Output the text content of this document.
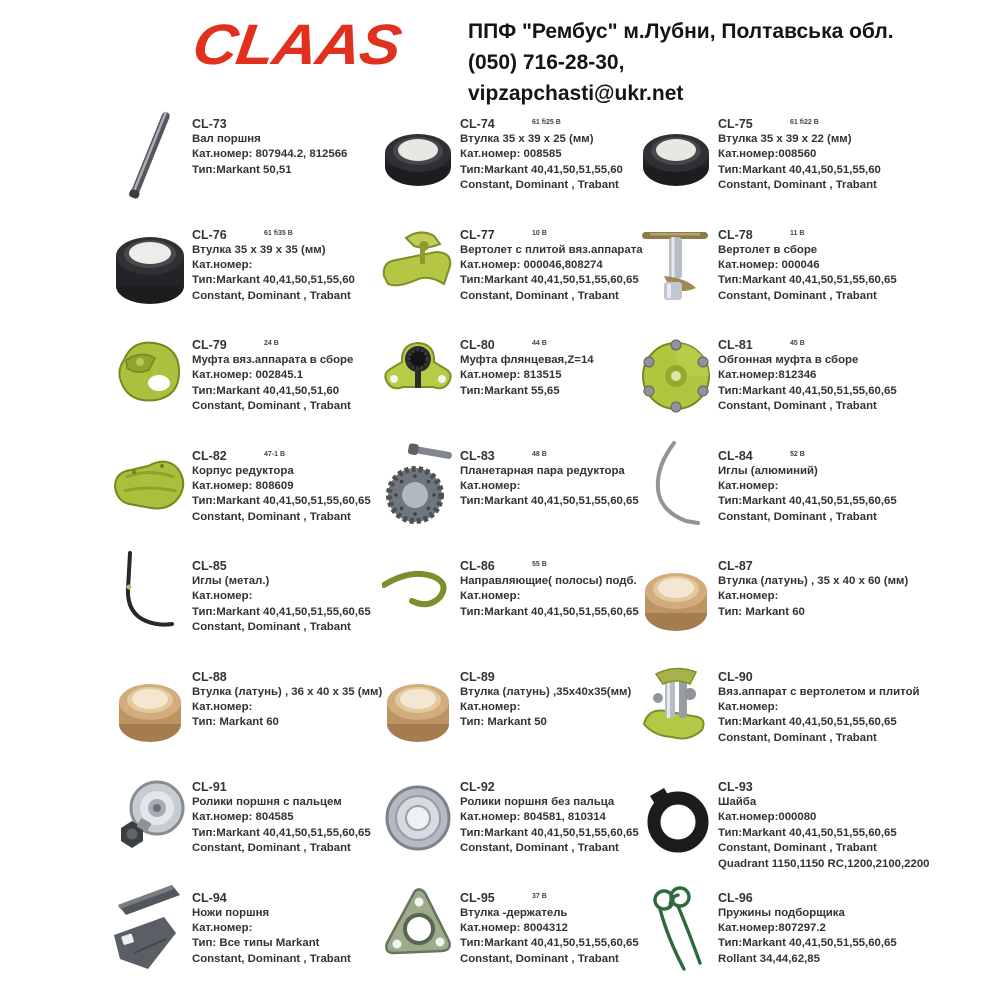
CLAAS	ППФ "Рембус" м.Лубни, Полтавська обл.
(050) 716-28-30,
vipzapchasti@ukr.net
CL-73
Вал поршня
Кат.номер: 807944.2, 812566
Тип:Markant 50,51
CL-74	61 fi25 B
Втулка 35 x 39 x 25 (мм)
Кат.номер: 008585
Тип:Markant 40,41,50,51,55,60
Constant, Dominant , Trabant
CL-75	61 fi22 B
Втулка 35 x 39 x 22 (мм)
Кат.номер:008560
Тип:Markant 40,41,50,51,55,60
Constant, Dominant , Trabant
CL-76	61 fi35 B
Втулка 35 x 39 x 35 (мм)
Кат.номер:
Тип:Markant 40,41,50,51,55,60
Constant, Dominant , Trabant
CL-77	10 B
Вертолет с плитой вяз.аппарата
Кат.номер: 000046,808274
Тип:Markant 40,41,50,51,55,60,65
Constant, Dominant , Trabant
CL-78	11 B
Вертолет в сборе
Кат.номер: 000046
Тип:Markant 40,41,50,51,55,60,65
Constant, Dominant , Trabant
CL-79	24 B
Муфта вяз.аппарата в сборе
Кат.номер: 002845.1
Тип:Markant 40,41,50,51,60
Constant, Dominant , Trabant
CL-80	44 B
Муфта флянцевая,Z=14
Кат.номер: 813515
Тип:Markant 55,65
CL-81	45 B
Обгонная муфта в сборе
Кат.номер:812346
Тип:Markant 40,41,50,51,55,60,65
Constant, Dominant , Trabant
CL-82	47-1 B
Корпус редуктора
Кат.номер: 808609
Тип:Markant 40,41,50,51,55,60,65
Constant, Dominant , Trabant
CL-83	48 B
Планетарная пара редуктора
Кат.номер:
Тип:Markant 40,41,50,51,55,60,65
CL-84	52 B
Иглы (алюминий)
Кат.номер:
Тип:Markant 40,41,50,51,55,60,65
Constant, Dominant , Trabant
CL-85
Иглы (метал.)
Кат.номер:
Тип:Markant 40,41,50,51,55,60,65
Constant, Dominant , Trabant
CL-86	55 B
Направляющие( полосы) подб.
Кат.номер:
Тип:Markant 40,41,50,51,55,60,65
CL-87
Втулка (латунь) , 35 x 40 x 60 (мм)
Кат.номер:
Тип: Markant 60
CL-88
Втулка (латунь) , 36 x 40 x 35 (мм)
Кат.номер:
Тип: Markant 60
CL-89
Втулка (латунь) ,35x40x35(мм)
Кат.номер:
Тип: Markant 50
CL-90
Вяз.аппарат с вертолетом и плитой
Кат.номер:
Тип:Markant 40,41,50,51,55,60,65
Constant, Dominant , Trabant
CL-91
Ролики поршня с пальцем
Кат.номер: 804585
Тип:Markant 40,41,50,51,55,60,65
Constant, Dominant , Trabant
CL-92
Ролики поршня без пальца
Кат.номер: 804581, 810314
Тип:Markant 40,41,50,51,55,60,65
Constant, Dominant , Trabant
CL-93
Шайба
Кат.номер:000080
Тип:Markant 40,41,50,51,55,60,65
Constant, Dominant , Trabant
Quadrant 1150,1150 RC,1200,2100,2200
CL-94
Ножи поршня
Кат.номер:
Тип: Все типы Markant
Constant, Dominant , Trabant
CL-95	37 B
Втулка -держатель
Кат.номер: 8004312
Тип:Markant 40,41,50,51,55,60,65
Constant, Dominant , Trabant
CL-96
Пружины подборщика
Кат.номер:807297.2
Тип:Markant 40,41,50,51,55,60,65
Rollant 34,44,62,85
